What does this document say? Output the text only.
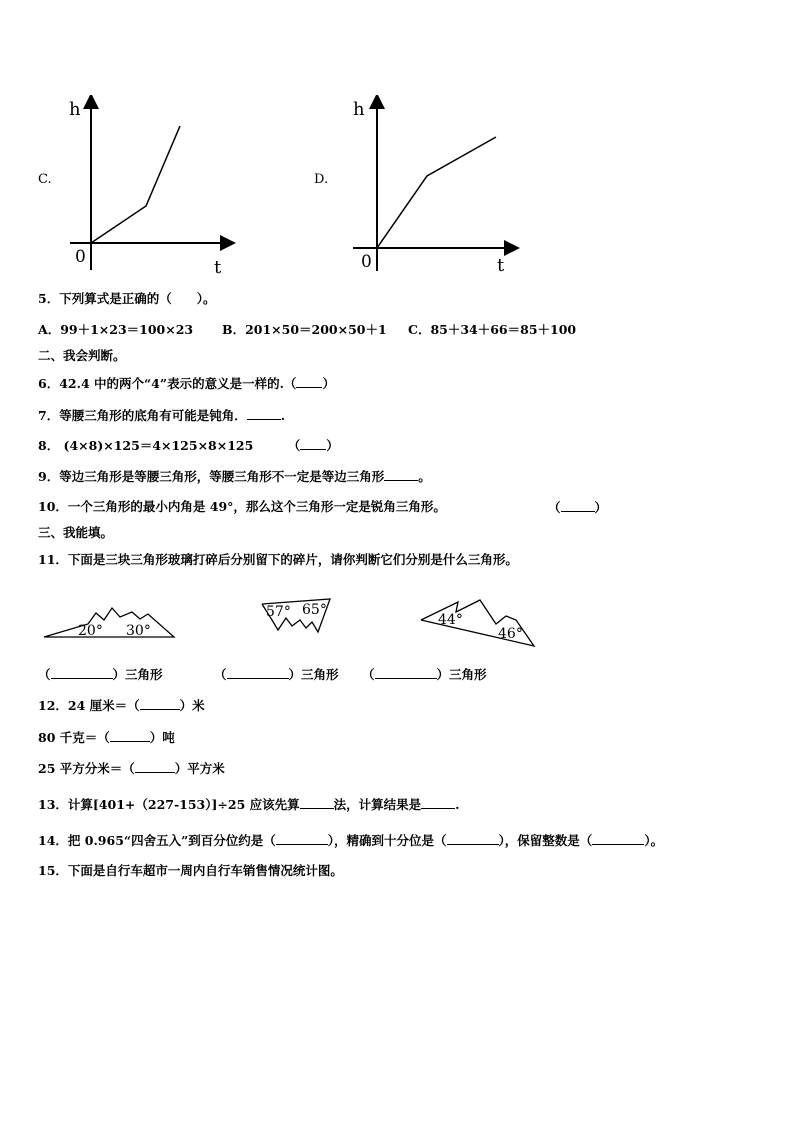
C.
h
t
0
D.
h
t
0
5．下列算式是正确的（　　）。
A．99＋1×23＝100×23 B．201×50＝200×50＋1 C．85＋34＋66＝85＋100
二、我会判断。
6．42.4 中的两个“4”表示的意义是一样的.（ ）
7．等腰三角形的底角有可能是钝角．	.
8． (4×8)×125＝4×125×8×125	（ ）
9．等边三角形是等腰三角形，等腰三角形不一定是等边三角形	。
10．一个三角形的最小内角是 49°，那么这个三角形一定是锐角三角形。	（	）
三、我能填。
11．下面是三块三角形玻璃打碎后分别留下的碎片，请你判断它们分别是什么三角形。
20° 30°
57° 65°
44°
46°
（	）三角形	（	）三角形 （	）三角形
12．24 厘米＝（	）米
80 千克＝（	）吨
25 平方分米＝（	）平方米
13．计算[401+（227-153）]÷25 应该先算	法，计算结果是	.
14．把 0.965“四舍五入”到百分位约是（	），精确到十分位是（	），保留整数是（	）。
15．下面是自行车超市一周内自行车销售情况统计图。
